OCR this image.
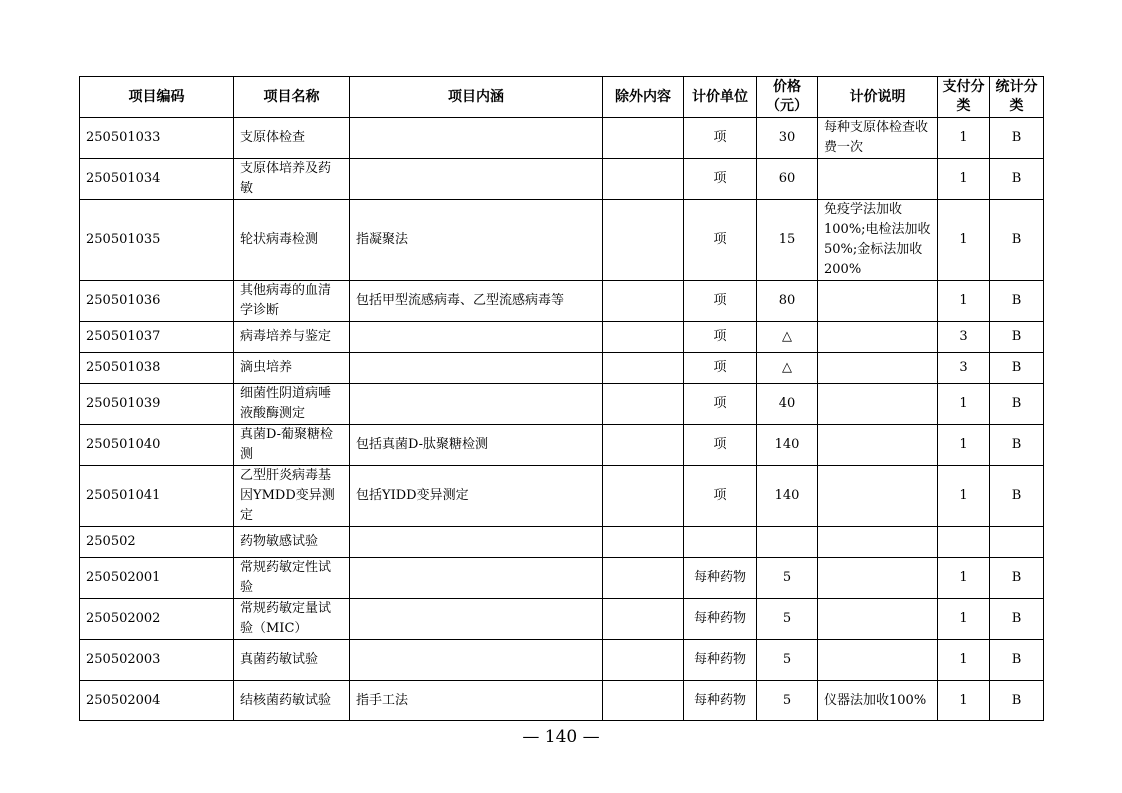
项目编码	项目名称	项目内涵	除外内容	计价单位	价格（元）	计价说明	支付分类	统计分类
250501033	支原体检查			项	30	每种支原体检查收费一次	1	B
250501034	支原体培养及药敏			项	60		1	B
250501035	轮状病毒检测	指凝聚法		项	15	免疫学法加收100%;电检法加收50%;金标法加收200%	1	B
250501036	其他病毒的血清学诊断	包括甲型流感病毒、乙型流感病毒等		项	80		1	B
250501037	病毒培养与鉴定			项	△		3	B
250501038	滴虫培养			项	△		3	B
250501039	细菌性阴道病唾液酸酶测定			项	40		1	B
250501040	真菌D-葡聚糖检测	包括真菌D-肽聚糖检测		项	140		1	B
250501041	乙型肝炎病毒基因YMDD变异测定	包括YIDD变异测定		项	140		1	B
250502	药物敏感试验							
250502001	常规药敏定性试验			每种药物	5		1	B
250502002	常规药敏定量试验（MIC）			每种药物	5		1	B
250502003	真菌药敏试验			每种药物	5		1	B
250502004	结核菌药敏试验	指手工法		每种药物	5	仪器法加收100%	1	B
— 140 —
